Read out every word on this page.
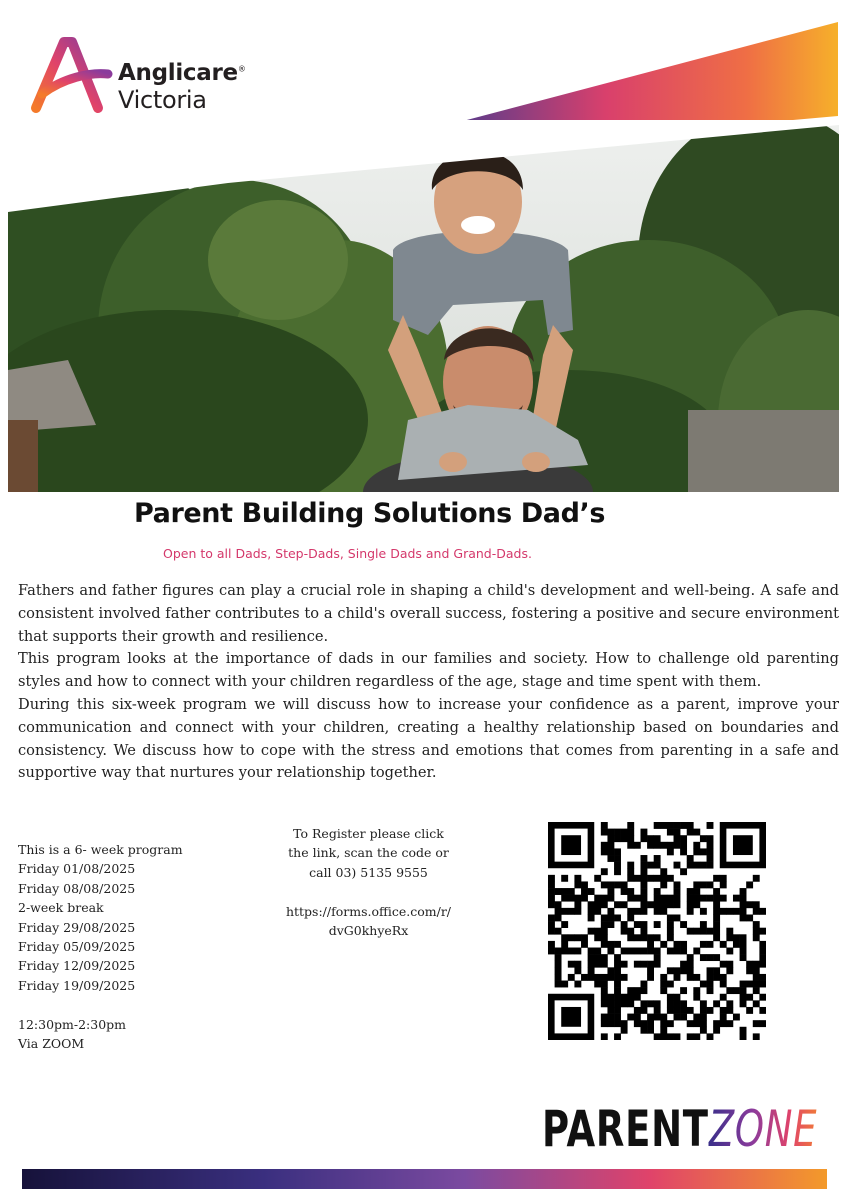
Anglicare®
Victoria
Parent Building Solutions Dad’s
Open to all Dads, Step-Dads, Single Dads and Grand-Dads.

Fathers and father figures can play a crucial role in shaping a child's development and well-being. A safe and consistent involved father contributes to a child's overall success, fostering a positive and secure environment that supports their growth and resilience.

This program looks at the importance of dads in our families and society. How to challenge old parenting styles and how to connect with your children regardless of the age, stage and time spent with them.

During this six-week program we will discuss how to increase your confidence as a parent, improve your communication and connect with your children, creating a healthy relationship based on boundaries and consistency. We discuss how to cope with the stress and emotions that comes from parenting in a safe and supportive way that nurtures your relationship together.

This is a 6- week program
Friday 01/08/2025
Friday 08/08/2025
2-week break
Friday 29/08/2025
Friday 05/09/2025
Friday 12/09/2025
Friday 19/09/2025
12:30pm-2:30pm
Via ZOOM
To Register please click
the link, scan the code or
call 03) 5135 9555
https://forms.office.com/r/
dvG0khyeRx
PARENTZONE
